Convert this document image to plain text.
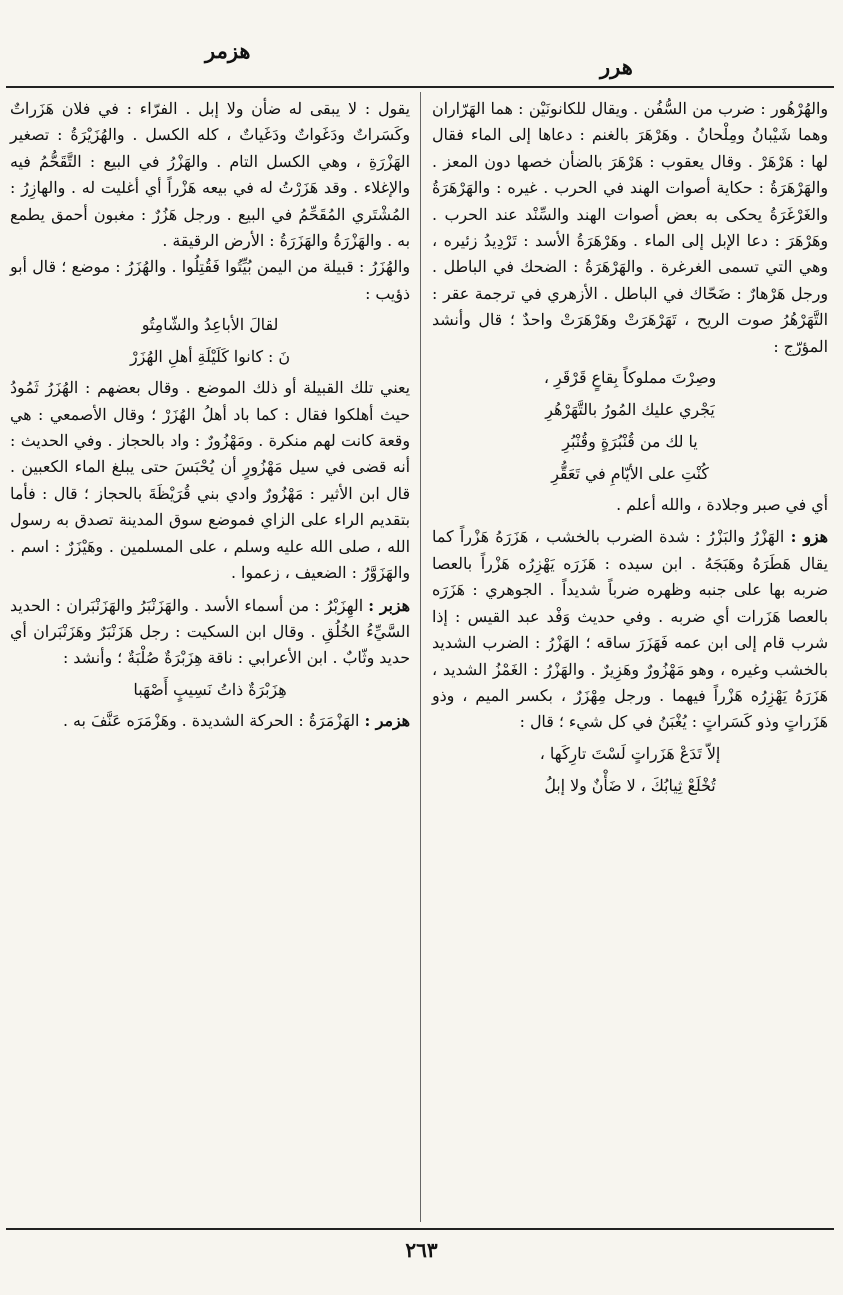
هرر
هزمر

والهُرْهُور : ضرب من السُّفُن . ويقال للكانونَيْن : هما الهَرّاران وهما شَيْبانُ ومِلْحانُ . وهَرْهَرَ بالغنم : دعاها إلى الماء فقال لها : هَرْهَرْ . وقال يعقوب : هَرْهَرَ بالضأن خصها دون المعز . والهَرْهَرَةُ : حكاية أصوات الهند في الحرب . غيره : والهَرْهَرَةُ والغَرْغَرَةُ يحكى به بعض أصوات الهند والسِّنْد عند الحرب . وهَرْهَرَ : دعا الإبل إلى الماء . وهَرْهَرَةُ الأسد : تَرْدِيدُ زئيره ، وهي التي تسمى الغرغرة . والهَرْهَرَةُ : الضحك في الباطل . ورجل هَرْهارٌ : ضَحّاك في الباطل . الأزهري في ترجمة عقر : التَّهَرْهُرُ صوت الريح ، تَهَرْهَرَتْ وهَرْهَرَتْ واحدٌ ؛ قال وأنشد المؤرّج :

وصِرْتَ مملوكاً بِقاعٍ قَرْقَرِ ،
يَجْري عليك المُورُ بالتَّهَرْهُرِ
يا لك من قُنْبُرَةٍ وقُنْبُرِ
كُنْتِ على الأيّامِ في تَعَقُّرِ

أي في صبر وجلادة ، والله أعلم .

هزو : الهَزْرُ والبَزْرُ : شدة الضرب بالخشب ، هَزَرَهُ هَزْراً كما يقال هَطَرَهُ وهَبَجَهُ . ابن سيده : هَزَرَه يَهْزِرُه هَزْراً بالعصا ضربه بها على جنبه وظهره ضرباً شديداً . الجوهري : هَزَرَه بالعصا هَزَرات أي ضربه . وفي حديث وَفْد عبد القيس : إذا شرب قام إلى ابن عمه فَهَزَرَ ساقه ؛ الهَزْرُ : الضرب الشديد بالخشب وغيره ، وهو مَهْزُورٌ وهَزِيرٌ . والهَزْرُ : الغَمْزُ الشديد ، هَزَرَهُ يَهْزِرُه هَزْراً فيهما . ورجل مِهْزَرٌ ، بكسر الميم ، وذو هَزَراتٍ وذو كَسَراتٍ : يُغْبَنُ في كل شيء ؛ قال :

إلاّ تَدَعْ هَزَراتٍ لَسْتَ تارِكَها ،
تُخْلَعْ ثِيابُكَ ، لا ضَأْنٌ ولا إبلُ

يقول : لا يبقى له ضأن ولا إبل . الفرّاء : في فلان هَزَراتٌ وكَسَراتٌ ودَغَواتٌ ودَغَياتٌ ، كله الكسل . والهُزَيْرَةُ : تصغير الهَزْرَةِ ، وهي الكسل التام . والهَزْرُ في البيع : التَّقَحُّمُ فيه والإغلاء . وقد هَزَرْتُ له في بيعه هَزْراً أي أغليت له . والهازِرُ : المُشْتَري المُقَحِّمُ في البيع . ورجل هَزُرٌ : مغبون أحمق يطمع به . والهَزْرَةُ والهَزَرَةُ : الأرض الرقيقة .

والهُزَرُ : قبيلة من اليمن بُيِّتُوا فَقُتِلُوا . والهُزَرُ : موضع ؛ قال أبو ذؤيب :

لقالَ الأباعِدُ والشّامِتُو
نَ : كانوا كَلَيْلَةِ أهلِ الهُزَرْ

يعني تلك القبيلة أو ذلك الموضع . وقال بعضهم : الهُزَرُ ثَمُودُ حيث أهلكوا فقال : كما باد أهلُ الهُزَرْ ؛ وقال الأصمعي : هي وقعة كانت لهم منكرة . ومَهْزُورٌ : واد بالحجاز . وفي الحديث : أنه قضى في سيل مَهْزُورٍ أن يُحْبَسَ حتى يبلغ الماء الكعبين . قال ابن الأثير : مَهْزُورٌ وادي بني قُرَيْظَةَ بالحجاز ؛ قال : فأما بتقديم الراء على الزاي فموضع سوق المدينة تصدق به رسول الله ، صلى الله عليه وسلم ، على المسلمين . وهَيْزَرٌ : اسم . والهَزَوَّرُ : الضعيف ، زعموا .

هزبر : الهِزَبْرُ : من أسماء الأسد . والهَزَنْبَرُ والهَزَنْبَران : الحديد السَّيِّءُ الخُلُقِ . وقال ابن السكيت : رجل هَزَنْبَرٌ وهَزَنْبَران أي حديد وثّابٌ . ابن الأعرابي : ناقة هِزَبْرَةٌ صُلْبَةٌ ؛ وأنشد :

هِزَبْرَةٌ ذاتُ نَسِيبٍ أَصْهَبا

هزمر : الهَزْمَرَةُ : الحركة الشديدة . وهَزْمَرَه عَنَّفَ به .

٢٦٣
